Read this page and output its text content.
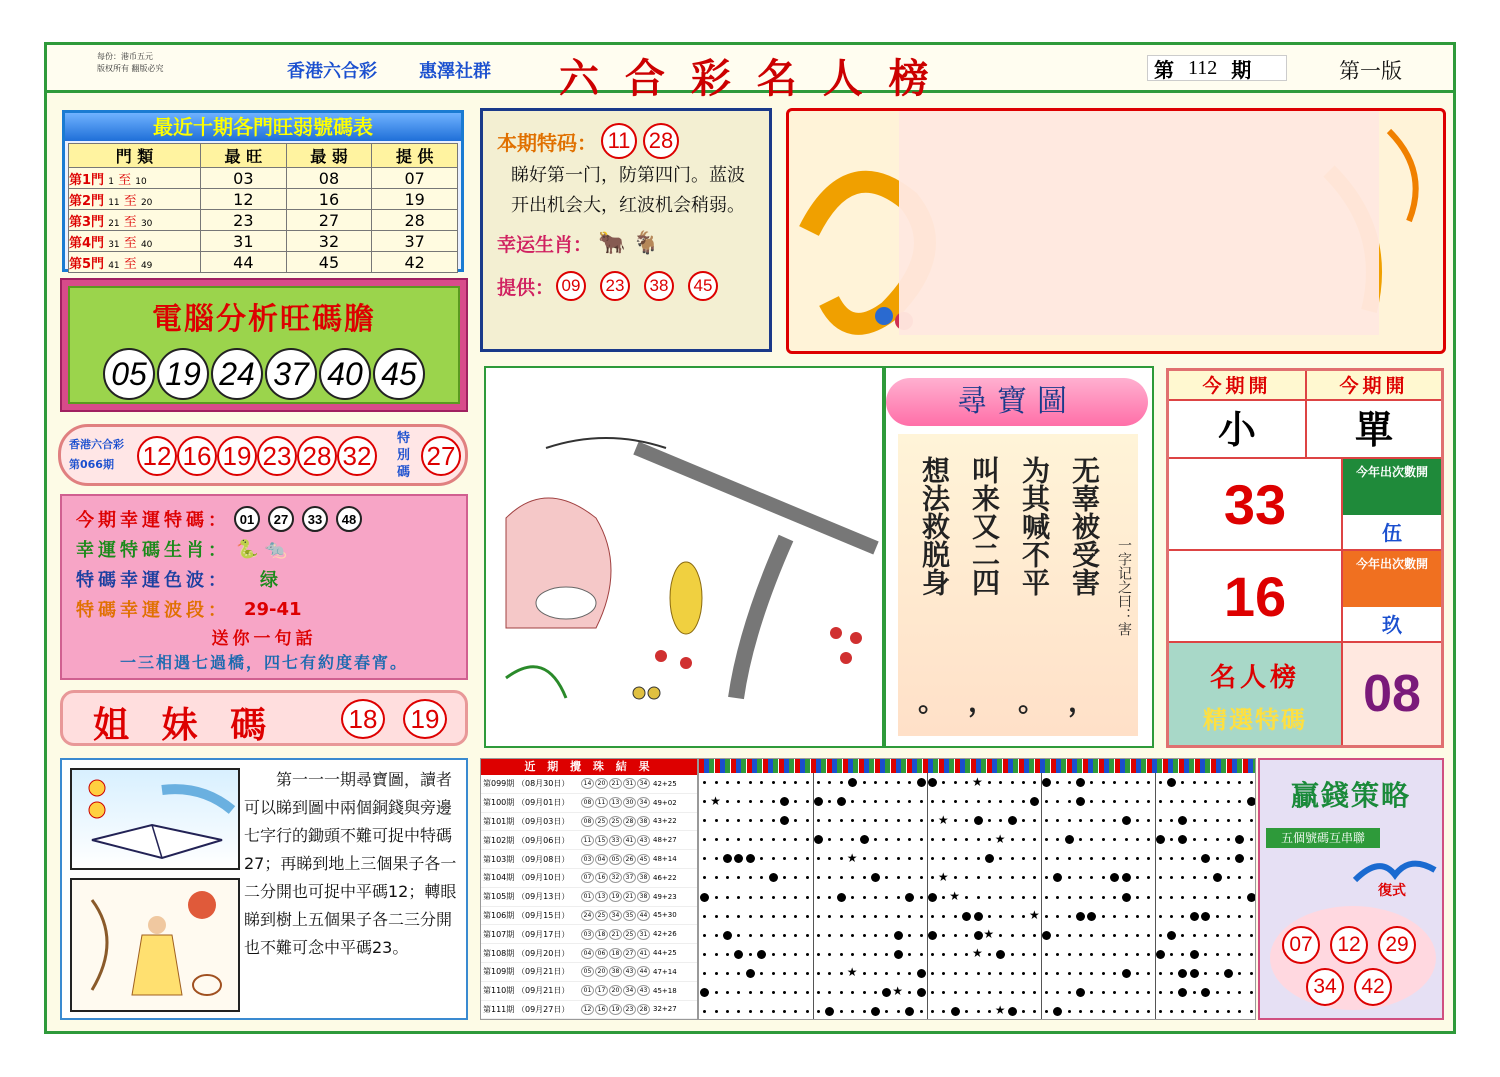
每份：港币五元
版权所有 翻版必究	香港六合彩 惠澤社群 六 合 彩 名 人 榜	第 112 期	第一版
最近十期各門旺弱號碼表
門 類	最 旺	最 弱	提 供
第1門 1 至 10	03	08	07
第2門 11 至 20	12	16	19
第3門 21 至 30	23	27	28
第4門 31 至 40	31	32	37
第5門 41 至 49	44	45	42
電腦分析旺碼膽
05 19 24 37 40 45
香港六合彩
第066期	12 16 19 23 28 32
特別碼
27
今期幸運特碼： 01	27	33	48
幸運特碼生肖： 🐍 🐀
特碼幸運色波： 绿
特碼幸運波段： 29-41
送你一句話
一三相遇七過橋，四七有約度春宵。
姐 妹 碼	18 19
第一一一期尋寶圖，讀者可以睇到圖中兩個銅錢與旁邊七字行的鋤頭不難可捉中特碼27；再睇到地上三個果子各一二分開也可捉中平碼12；轉眼睇到樹上五個果子各二三分開也不難可念中平碼23。
本期特码： 11 28
睇好第一门，防第四门。蓝波开出机会大，红波机会稍弱。
幸运生肖： 🐂 🐐
提供： 09	23	38	45
尋寶圖
无辜被受害
为其喊不平
叫来又二四
想法救脱身
，
。
，
。
一字记之曰：害
今期開	今期開
小	單
33
今年出次數開
伍
16
今年出次數開
玖
名人榜
精選特碼	08
近 期 攪 珠 結 果
第099期 （08月30日）	14	20	21	31	34 42+25
第100期 （09月01日）	08	11	13	30	34 49+02
第101期 （09月03日）	08	25	25	28	38 43+22
第102期 （09月06日）	11	15	33	41	43 48+27
第103期 （09月08日）	03	04	05	26	45 48+14
第104期 （09月10日）	07	16	32	37	38 46+22
第105期 （09月13日）	01	13	19	21	38 49+23
第106期 （09月15日）	24	25	34	35	44 45+30
第107期 （09月17日）	03	18	21	25	31 42+26
第108期 （09月20日）	04	06	18	27	41 44+25
第109期 （09月21日）	05	20	38	43	44 47+14
第110期 （09月21日）	01	17	20	34	43 45+18
第111期 （09月27日）	12	16	19	23	28 32+27
★
★
★
★
★
★
★
★
★
★
★
★
★
贏錢策略
五個號碼互串聯
復式
07	12	29
34	42
